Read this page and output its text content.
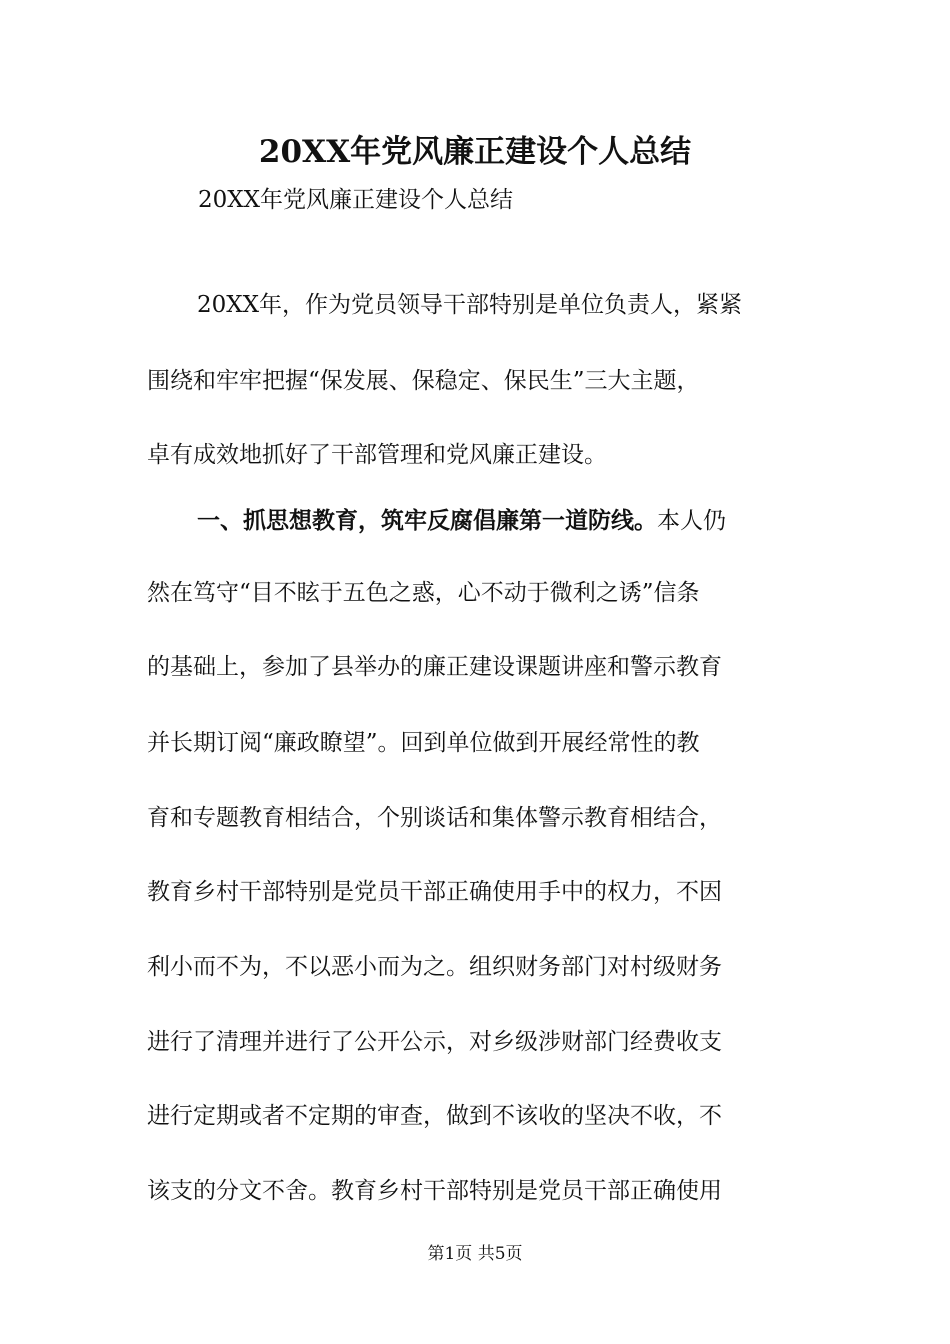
20XX年党风廉正建设个人总结

20XX年党风廉正建设个人总结

20XX年，作为党员领导干部特别是单位负责人，紧紧

围绕和牢牢把握“保发展、保稳定、保民生”三大主题，

卓有成效地抓好了干部管理和党风廉正建设。

一、抓思想教育，筑牢反腐倡廉第一道防线。本人仍

然在笃守“目不眩于五色之惑，心不动于微利之诱”信条

的基础上，参加了县举办的廉正建设课题讲座和警示教育

并长期订阅“廉政瞭望”。回到单位做到开展经常性的教

育和专题教育相结合，个别谈话和集体警示教育相结合，

教育乡村干部特别是党员干部正确使用手中的权力，不因

利小而不为，不以恶小而为之。组织财务部门对村级财务

进行了清理并进行了公开公示，对乡级涉财部门经费收支

进行定期或者不定期的审查，做到不该收的坚决不收，不

该支的分文不舍。教育乡村干部特别是党员干部正确使用

第1页 共5页
